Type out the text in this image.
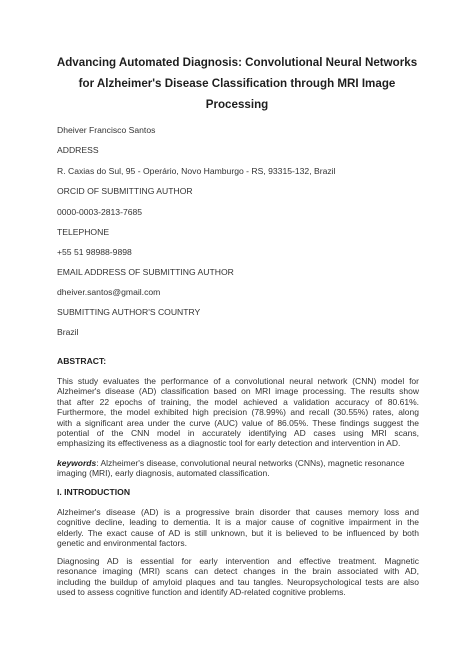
Advancing Automated Diagnosis: Convolutional Neural Networks
for Alzheimer's Disease Classification through MRI Image
Processing
Dheiver Francisco Santos
ADDRESS
R. Caxias do Sul, 95 - Operário, Novo Hamburgo - RS, 93315-132, Brazil
ORCID OF SUBMITTING AUTHOR
0000-0003-2813-7685
TELEPHONE
+55 51 98988-9898
EMAIL ADDRESS OF SUBMITTING AUTHOR
dheiver.santos@gmail.com
SUBMITTING AUTHOR'S COUNTRY
Brazil
ABSTRACT:
This study evaluates the performance of a convolutional neural network (CNN) model for
Alzheimer's disease (AD) classification based on MRI image processing. The results show
that after 22 epochs of training, the model achieved a validation accuracy of 80.61%.
Furthermore, the model exhibited high precision (78.99%) and recall (30.55%) rates, along
with a significant area under the curve (AUC) value of 86.05%. These findings suggest the
potential of the CNN model in accurately identifying AD cases using MRI scans,
emphasizing its effectiveness as a diagnostic tool for early detection and intervention in AD.
keywords: Alzheimer's disease, convolutional neural networks (CNNs), magnetic resonance
imaging (MRI), early diagnosis, automated classification.
I. INTRODUCTION
Alzheimer's disease (AD) is a progressive brain disorder that causes memory loss and
cognitive decline, leading to dementia. It is a major cause of cognitive impairment in the
elderly. The exact cause of AD is still unknown, but it is believed to be influenced by both
genetic and environmental factors.
Diagnosing AD is essential for early intervention and effective treatment. Magnetic
resonance imaging (MRI) scans can detect changes in the brain associated with AD,
including the buildup of amyloid plaques and tau tangles. Neuropsychological tests are also
used to assess cognitive function and identify AD-related cognitive problems.
